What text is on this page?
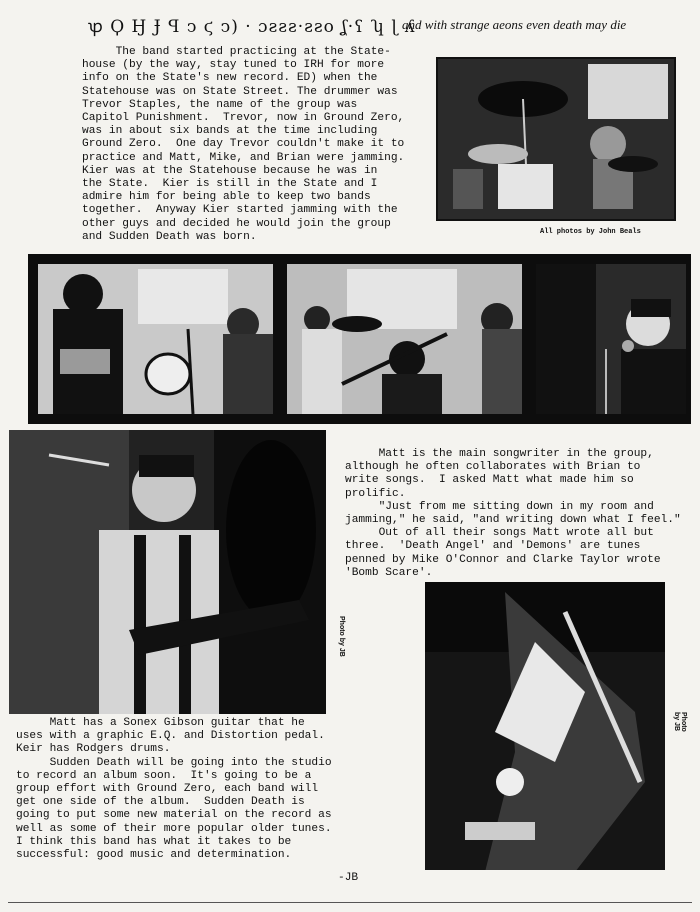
ꝕ Ϙ Ꜧ Ɉ ꟼ ↄ ϛ ↄ) · ɔƨƨƨ·ƨƨо ʆ·ʕ ʮ ɭ ʎ
and with strange aeons even death may die
The band started practicing at the State-
house (by the way, stay tuned to IRH for more
info on the State's new record. ED) when the
Statehouse was on State Street. The drummer was
Trevor Staples, the name of the group was
Capitol Punishment.  Trevor, now in Ground Zero,
was in about six bands at the time including
Ground Zero.  One day Trevor couldn't make it to
practice and Matt, Mike, and Brian were jamming.
Kier was at the Statehouse because he was in
the State.  Kier is still in the State and I
admire him for being able to keep two bands
together.  Anyway Kier started jamming with the
other guys and decided he would join the group
and Sudden Death was born.	All photos by John Beals
Matt is the main songwriter in the group,
although he often collaborates with Brian to
write songs.  I asked Matt what made him so
prolific.
"Just from me sitting down in my room and
jamming," he said, "and writing down what I feel."
Out of all their songs Matt wrote all but
three.  'Death Angel' and 'Demons' are tunes
penned by Mike O'Connor and Clarke Taylor wrote
'Bomb Scare'.
Photo by JB
Photo by JB
Matt has a Sonex Gibson guitar that he
uses with a graphic E.Q. and Distortion pedal.
Keir has Rodgers drums.
Sudden Death will be going into the studio
to record an album soon.  It's going to be a
group effort with Ground Zero, each band will
get one side of the album.  Sudden Death is
going to put some new material on the record as
well as some of their more popular older tunes.
I think this band has what it takes to be
successful: good music and determination.
-JB
